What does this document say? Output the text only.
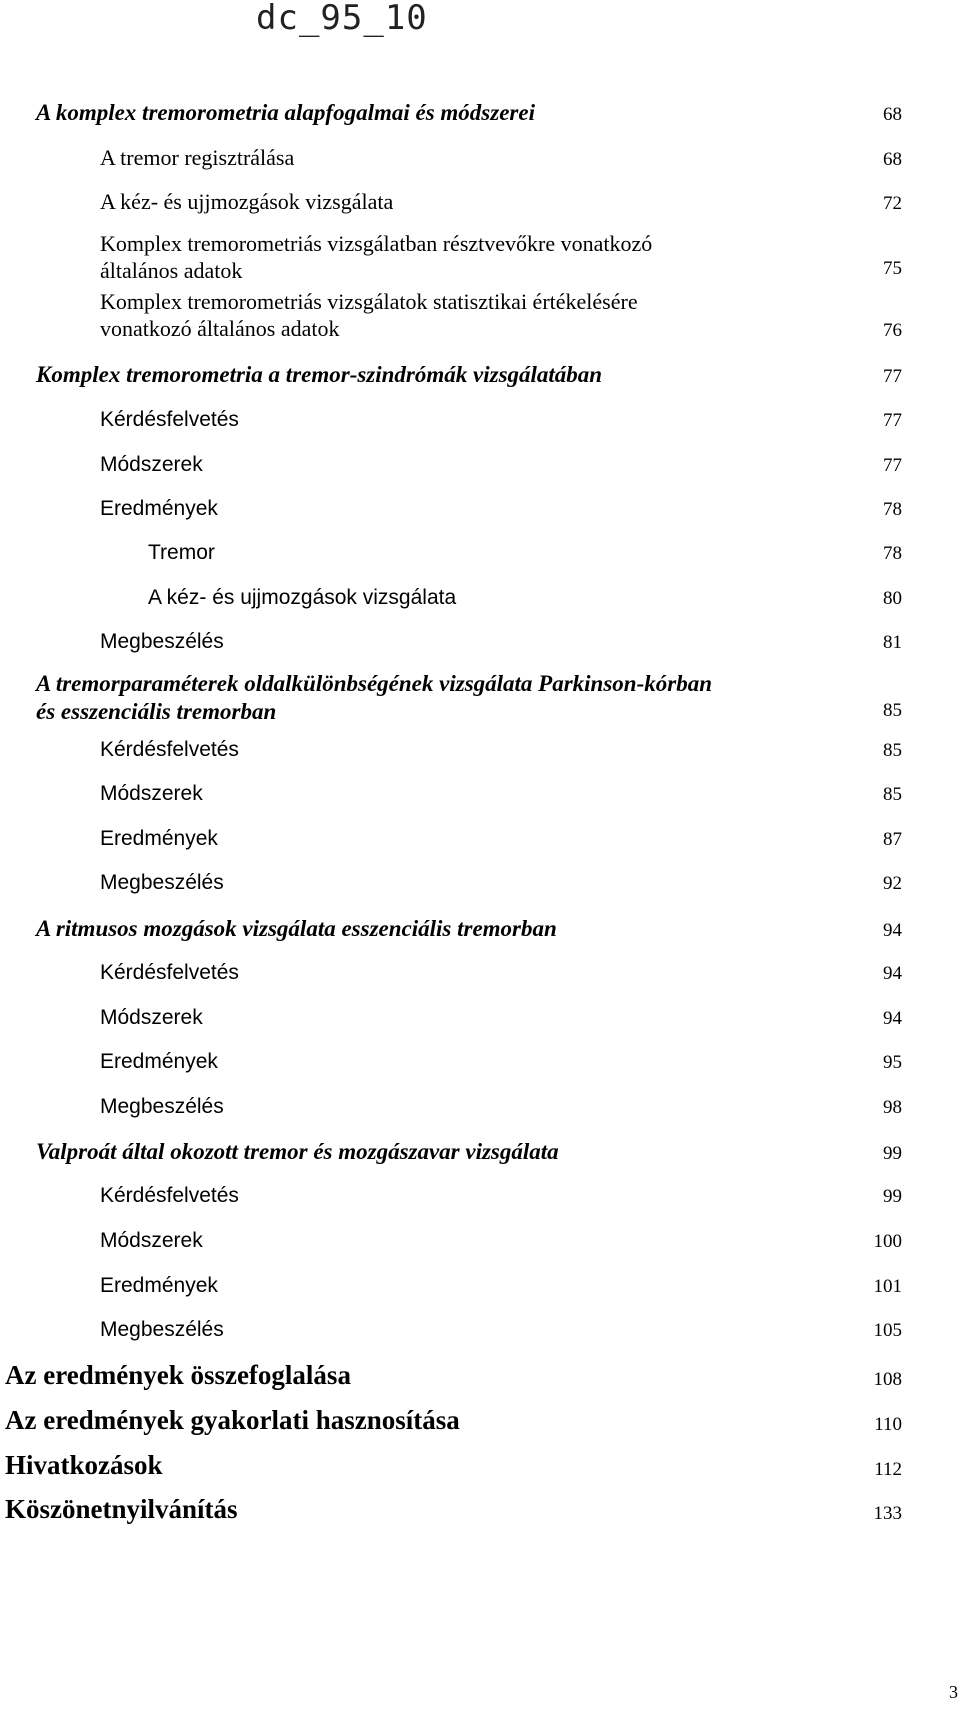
dc_95_10
A komplex tremorometria alapfogalmai és módszerei	68
A tremor regisztrálása	68
A kéz- és ujjmozgások vizsgálata	72
Komplex tremorometriás vizsgálatban résztvevőkre vonatkozó
általános adatok	75
Komplex tremorometriás vizsgálatok statisztikai értékelésére
vonatkozó általános adatok	76
Komplex tremorometria a tremor-szindrómák vizsgálatában	77
Kérdésfelvetés	77
Módszerek	77
Eredmények	78
Tremor	78
A kéz- és ujjmozgások vizsgálata	80
Megbeszélés	81
A tremorparaméterek oldalkülönbségének vizsgálata Parkinson-kórban
és esszenciális tremorban	85
Kérdésfelvetés	85
Módszerek	85
Eredmények	87
Megbeszélés	92
A ritmusos mozgások vizsgálata esszenciális tremorban	94
Kérdésfelvetés	94
Módszerek	94
Eredmények	95
Megbeszélés	98
Valproát által okozott tremor és mozgászavar vizsgálata	99
Kérdésfelvetés	99
Módszerek	100
Eredmények	101
Megbeszélés	105
Az eredmények összefoglalása	108
Az eredmények gyakorlati hasznosítása	110
Hivatkozások	112
Köszönetnyilvánítás	133
3
